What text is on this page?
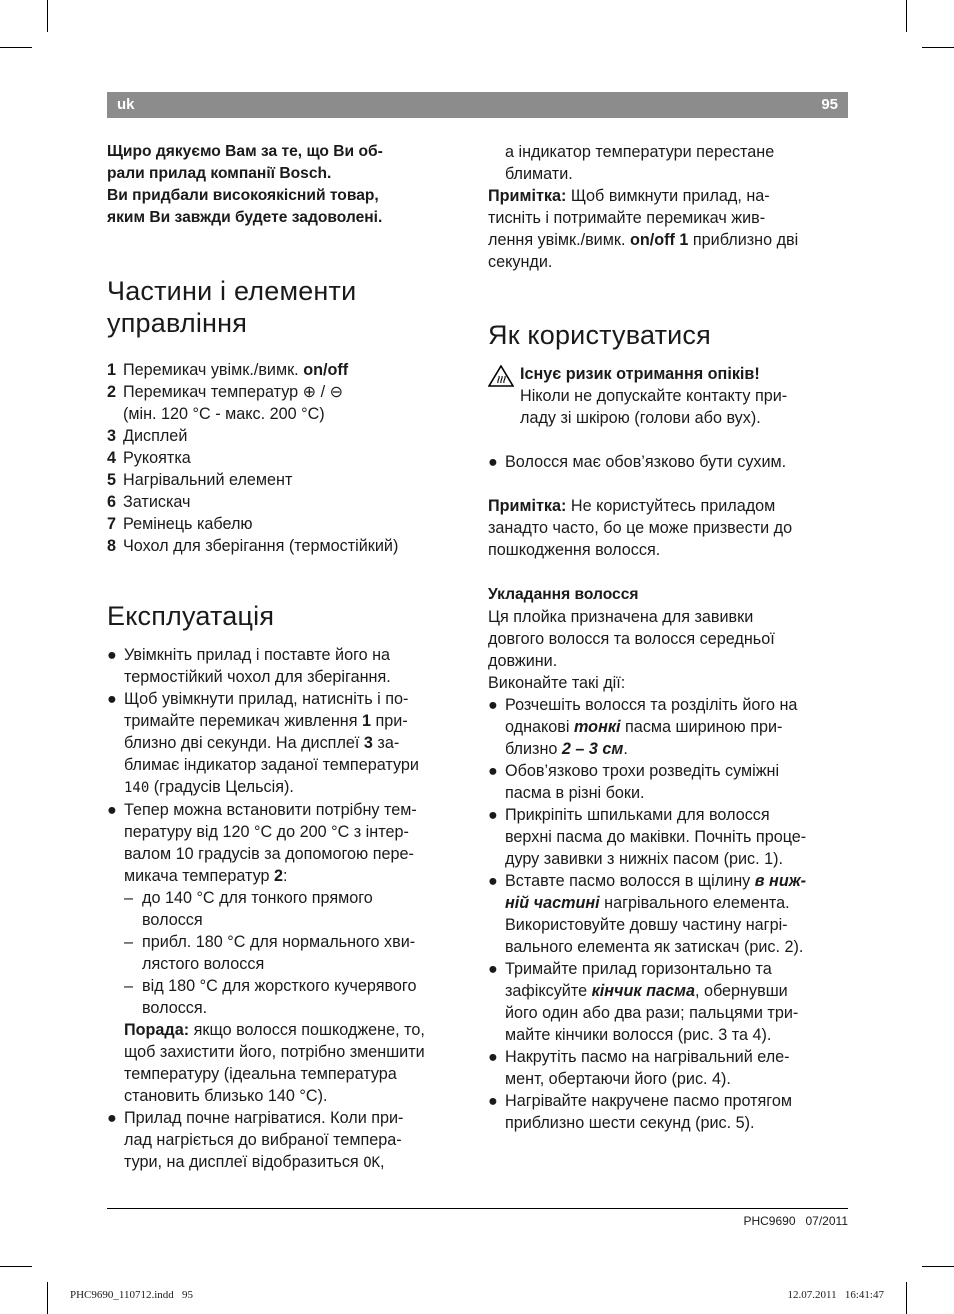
uk	95

Щиро дякуємо Вам за те, що Ви об-

рали прилад компанії Bosch.

Ви придбали високоякісний товар,

яким Ви завжди будете задоволені.

Частини і елементи
управління
1 Перемикач увімк./вимк. on/off
2 Перемикач температур ⊕ / ⊖
(мін. 120 °C - макс. 200 °C)
3 Дисплей
4 Рукоятка
5 Нагрівальний елемент
6 Затискач
7 Ремінець кабелю
8 Чохол для зберігання (термостійкий)
Експлуатація
● Увімкніть прилад і поставте його на
термостійкий чохол для зберігання.
● Щоб увімкнути прилад, натисніть і по-
тримайте перемикач живлення 1 при-
близно дві секунди. На дисплеї 3 за-
блимає індикатор заданої температури
140 (градусів Цельсія).
● Тепер можна встановити потрібну тем-
пературу від 120 °C до 200 °C з інтер-
валом 10 градусів за допомогою пере-
микача температур 2:
– до 140 °C для тонкого прямого
волосся
– прибл. 180 °C для нормального хви-
лястого волосся
– від 180 °C для жорсткого кучерявого
волосся.
Порада: якщо волосся пошкоджене, то,
щоб захистити його, потрібно зменшити
температуру (ідеальна температура
становить близько 140 °C).
● Прилад почне нагріватися. Коли при-
лад нагріється до вибраної темпера-
тури, на дисплеї відобразиться OK,
а індикатор температури перестане
блимати.
Примітка: Щоб вимкнути прилад, на-
тисніть і потримайте перемикач жив-
лення увімк./вимк. on/off 1 приблизно дві
секунди.
Як користуватися
Існує ризик отримання опіків!
Ніколи не допускайте контакту при-
ладу зі шкірою (голови або вух).
● Волосся має обов’язково бути сухим.
Примітка: Не користуйтесь приладом
занадто часто, бо це може призвести до
пошкодження волосся.
Укладання волосся
Ця плойка призначена для завивки
довгого волосся та волосся середньої
довжини.
Виконайте такі дії:
● Розчешіть волосся та розділіть його на
однакові тонкі пасма шириною при-
близно 2 – 3 см.
● Обов’язково трохи розведіть суміжні
пасма в різні боки.
● Прикріпіть шпильками для волосся
верхні пасма до маківки. Почніть проце-
дуру завивки з нижніх пасом (рис. 1).
● Вставте пасмо волосся в щілину в ниж-
ній частині нагрівального елемента.
Використовуйте довшу частину нагрі-
вального елемента як затискач (рис. 2).
● Тримайте прилад горизонтально та
зафіксуйте кінчик пасма, обернувши
його один або два рази; пальцями три-
майте кінчики волосся (рис. 3 та 4).
● Накрутіть пасмо на нагрівальний еле-
мент, обертаючи його (рис. 4).
● Нагрівайте накручене пасмо протягом
приблизно шести секунд (рис. 5).
PHC9690   07/2011
PHC9690_110712.indd   95	12.07.2011   16:41:47
